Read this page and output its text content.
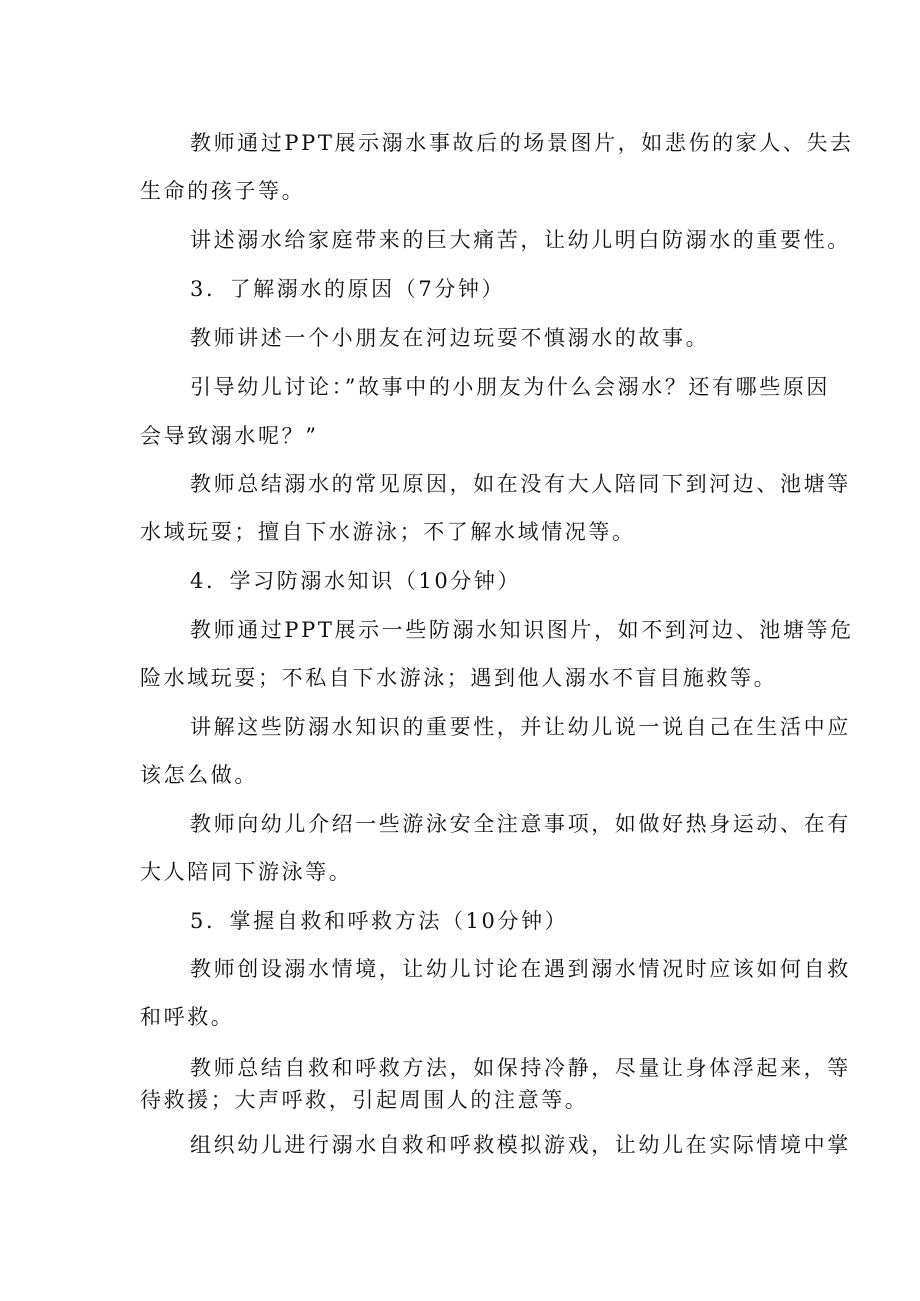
教师通过PPT展示溺水事故后的场景图片，如悲伤的家人、失去
生命的孩子等。
讲述溺水给家庭带来的巨大痛苦，让幼儿明白防溺水的重要性。
3．了解溺水的原因（7分钟）
教师讲述一个小朋友在河边玩耍不慎溺水的故事。
引导幼儿讨论：”故事中的小朋友为什么会溺水？还有哪些原因
会导致溺水呢？”
教师总结溺水的常见原因，如在没有大人陪同下到河边、池塘等
水域玩耍；擅自下水游泳；不了解水域情况等。
4．学习防溺水知识（10分钟）
教师通过PPT展示一些防溺水知识图片，如不到河边、池塘等危
险水域玩耍；不私自下水游泳；遇到他人溺水不盲目施救等。
讲解这些防溺水知识的重要性，并让幼儿说一说自己在生活中应
该怎么做。
教师向幼儿介绍一些游泳安全注意事项，如做好热身运动、在有
大人陪同下游泳等。
5．掌握自救和呼救方法（10分钟）
教师创设溺水情境，让幼儿讨论在遇到溺水情况时应该如何自救
和呼救。
教师总结自救和呼救方法，如保持冷静，尽量让身体浮起来，等
待救援；大声呼救，引起周围人的注意等。
组织幼儿进行溺水自救和呼救模拟游戏，让幼儿在实际情境中掌
